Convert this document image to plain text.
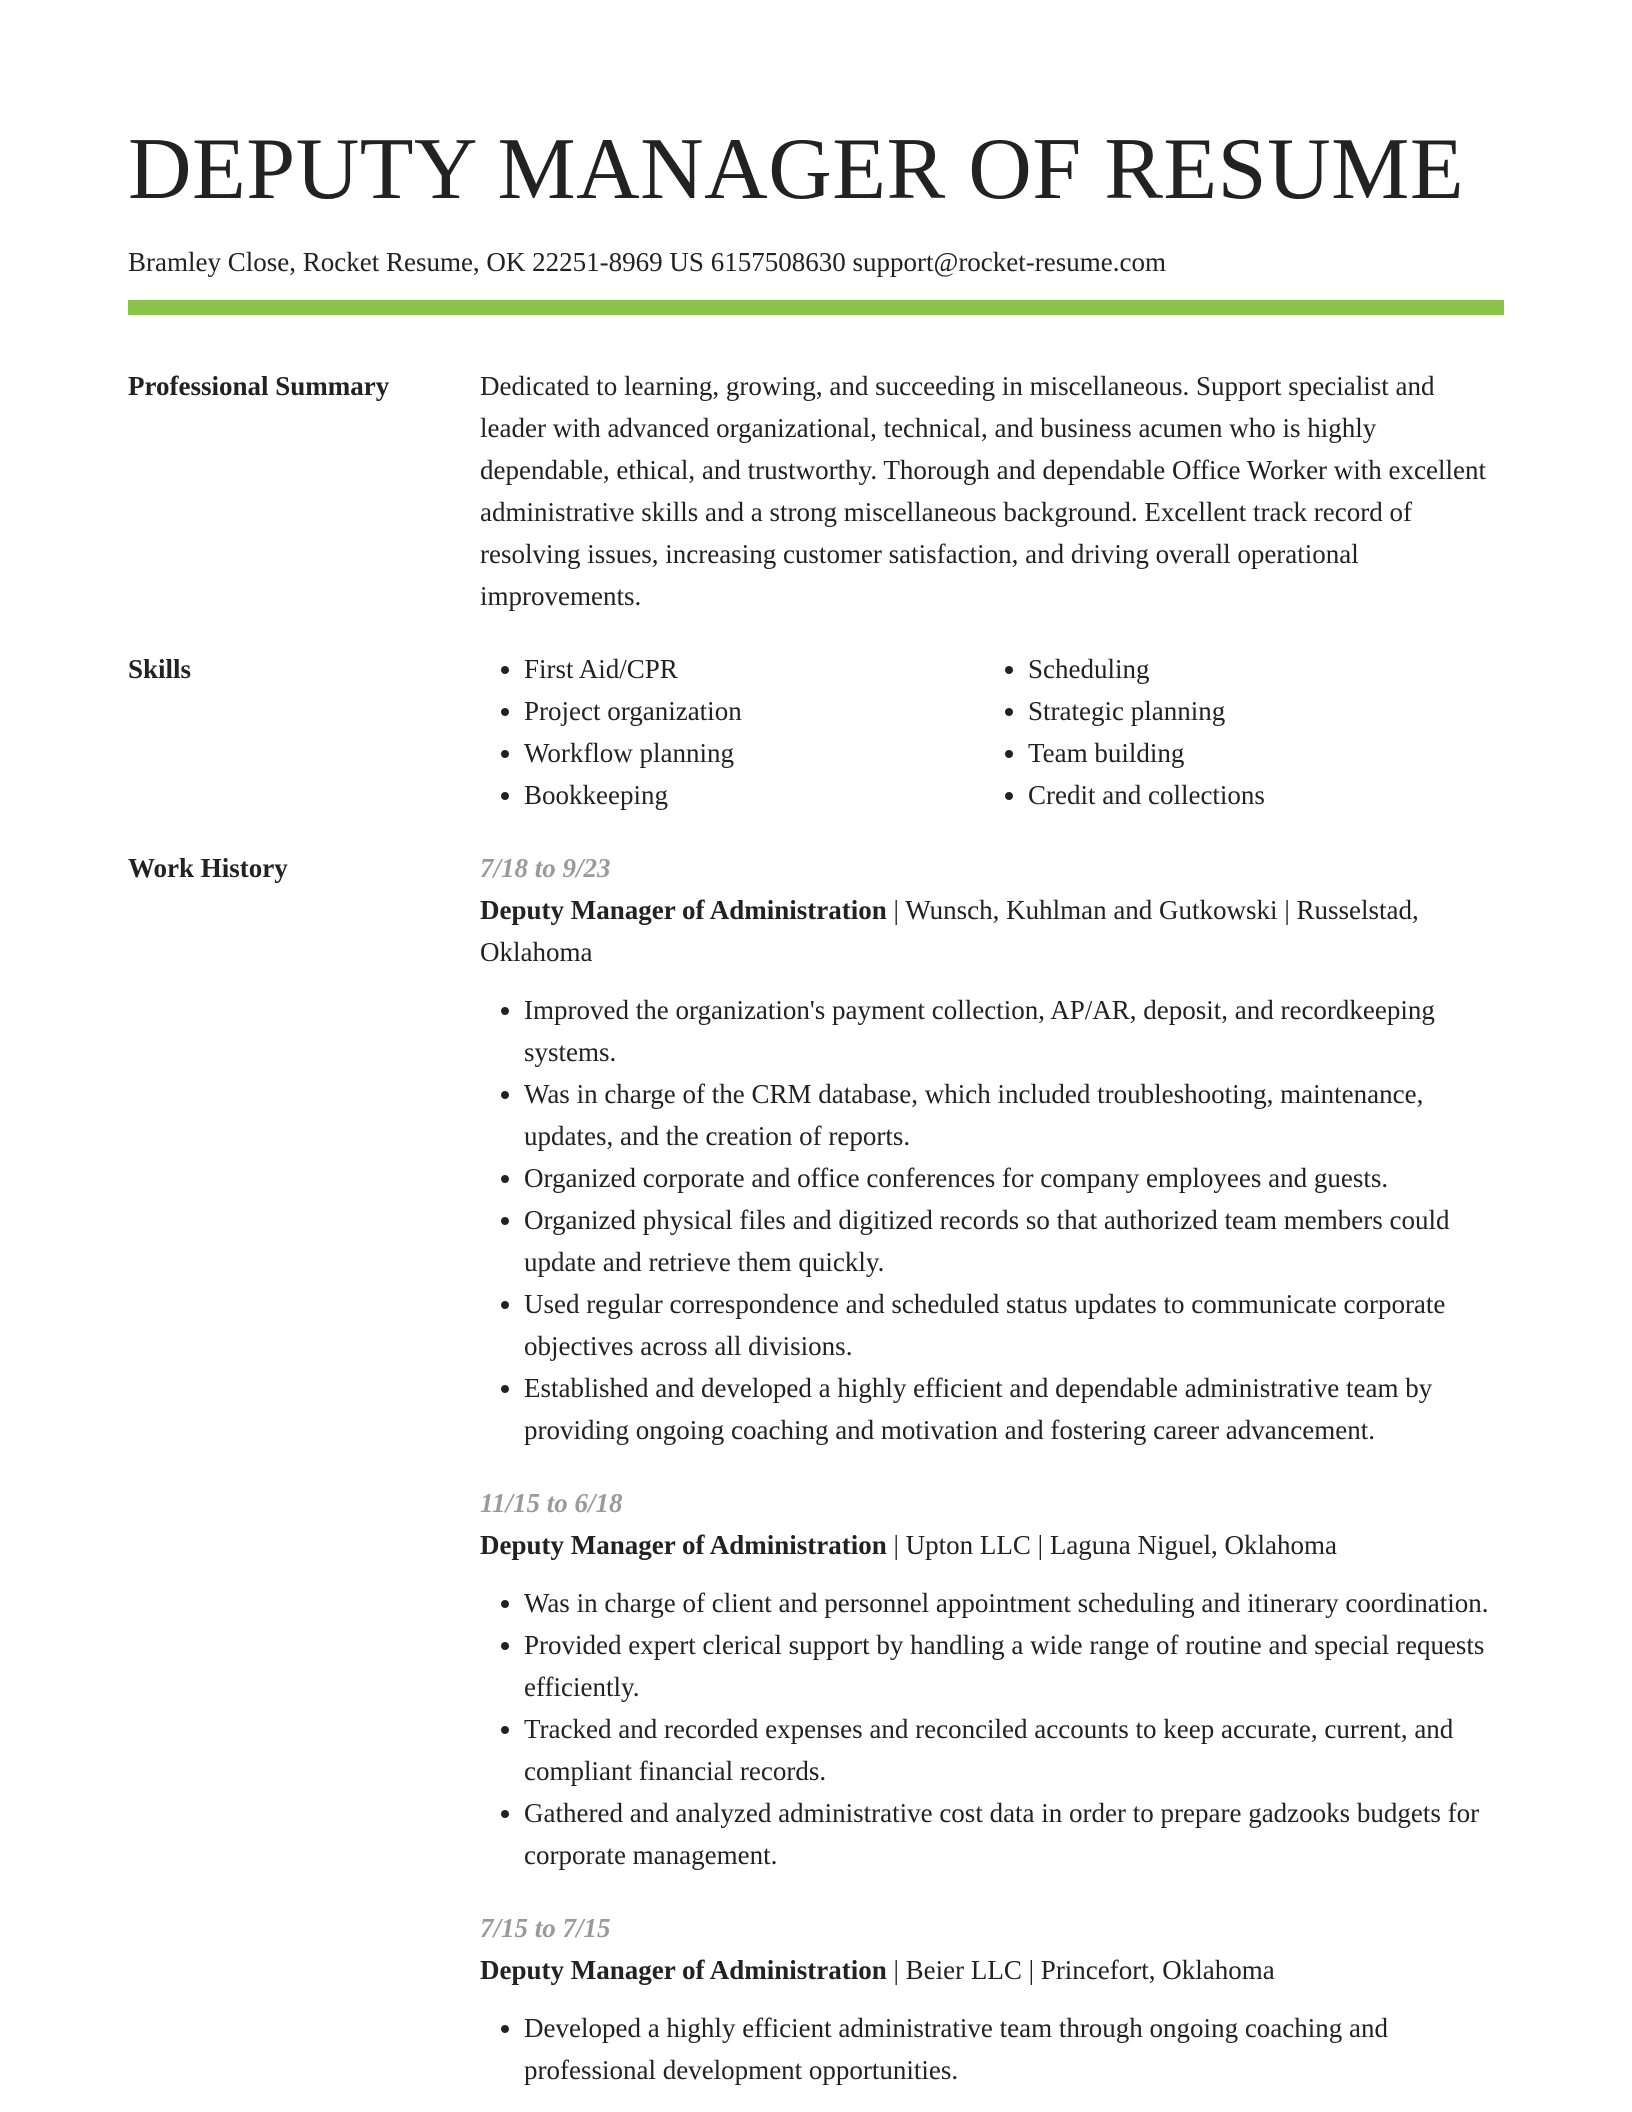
DEPUTY MANAGER OF RESUME
Bramley Close, Rocket Resume, OK 22251-8969 US 6157508630 support@rocket-resume.com
Professional Summary	Dedicated to learning, growing, and succeeding in miscellaneous. Support specialist and leader with advanced organizational, technical, and business acumen who is highly dependable, ethical, and trustworthy. Thorough and dependable Office Worker with excellent administrative skills and a strong miscellaneous background. Excellent track record of resolving issues, increasing customer satisfaction, and driving overall operational improvements.
Skills	• First Aid/CPR
• Project organization
• Workflow planning
• Bookkeeping
• Scheduling
• Strategic planning
• Team building
• Credit and collections
Work History	7/18 to 9/23
Deputy Manager of Administration | Wunsch, Kuhlman and Gutkowski | Russelstad, Oklahoma
• Improved the organization's payment collection, AP/AR, deposit, and recordkeeping systems.
• Was in charge of the CRM database, which included troubleshooting, maintenance, updates, and the creation of reports.
• Organized corporate and office conferences for company employees and guests.
• Organized physical files and digitized records so that authorized team members could update and retrieve them quickly.
• Used regular correspondence and scheduled status updates to communicate corporate objectives across all divisions.
• Established and developed a highly efficient and dependable administrative team by providing ongoing coaching and motivation and fostering career advancement.
11/15 to 6/18
Deputy Manager of Administration | Upton LLC | Laguna Niguel, Oklahoma
• Was in charge of client and personnel appointment scheduling and itinerary coordination.
• Provided expert clerical support by handling a wide range of routine and special requests efficiently.
• Tracked and recorded expenses and reconciled accounts to keep accurate, current, and compliant financial records.
• Gathered and analyzed administrative cost data in order to prepare gadzooks budgets for corporate management.
7/15 to 7/15
Deputy Manager of Administration | Beier LLC | Princefort, Oklahoma
• Developed a highly efficient administrative team through ongoing coaching and professional development opportunities.
